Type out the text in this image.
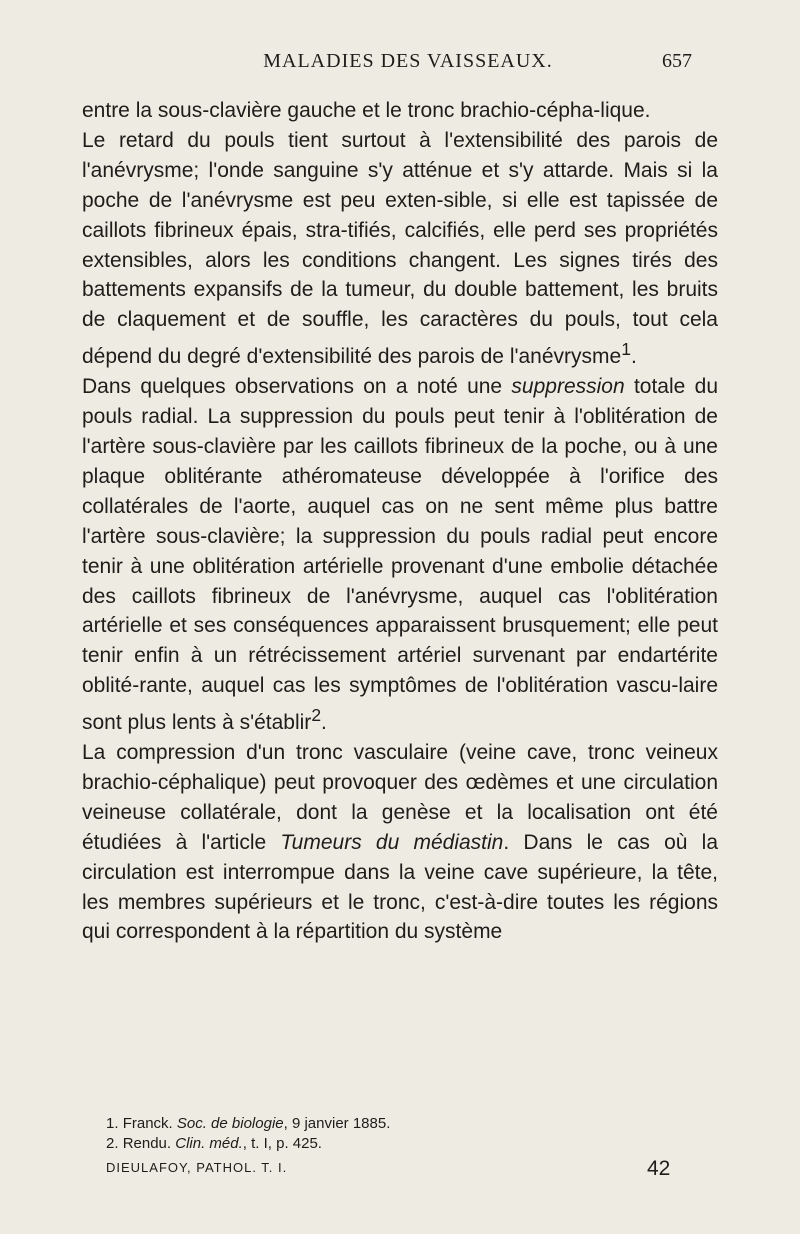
MALADIES DES VAISSEAUX.	657

entre la sous-clavière gauche et le tronc brachio-cépha-lique.

Le retard du pouls tient surtout à l'extensibilité des parois de l'anévrysme; l'onde sanguine s'y atténue et s'y attarde. Mais si la poche de l'anévrysme est peu exten-sible, si elle est tapissée de caillots fibrineux épais, stra-tifiés, calcifiés, elle perd ses propriétés extensibles, alors les conditions changent. Les signes tirés des battements expansifs de la tumeur, du double battement, les bruits de claquement et de souffle, les caractères du pouls, tout cela dépend du degré d'extensibilité des parois de l'anévrysme$^1$.

Dans quelques observations on a noté une suppression totale du pouls radial. La suppression du pouls peut tenir à l'oblitération de l'artère sous-clavière par les caillots fibrineux de la poche, ou à une plaque oblitérante athéromateuse développée à l'orifice des collatérales de l'aorte, auquel cas on ne sent même plus battre l'artère sous-clavière; la suppression du pouls radial peut encore tenir à une oblitération artérielle provenant d'une embolie détachée des caillots fibrineux de l'anévrysme, auquel cas l'oblitération artérielle et ses conséquences apparaissent brusquement; elle peut tenir enfin à un rétrécissement artériel survenant par endartérite oblité-rante, auquel cas les symptômes de l'oblitération vascu-laire sont plus lents à s'établir$^2$.

La compression d'un tronc vasculaire (veine cave, tronc veineux brachio-céphalique) peut provoquer des œdèmes et une circulation veineuse collatérale, dont la genèse et la localisation ont été étudiées à l'article Tumeurs du médiastin. Dans le cas où la circulation est interrompue dans la veine cave supérieure, la tête, les membres supérieurs et le tronc, c'est-à-dire toutes les régions qui correspondent à la répartition du système

1. Franck. Soc. de biologie, 9 janvier 1885.
2. Rendu. Clin. méd., t. I, p. 425.
DIEULAFOY, PATHOL. T. I.	42
